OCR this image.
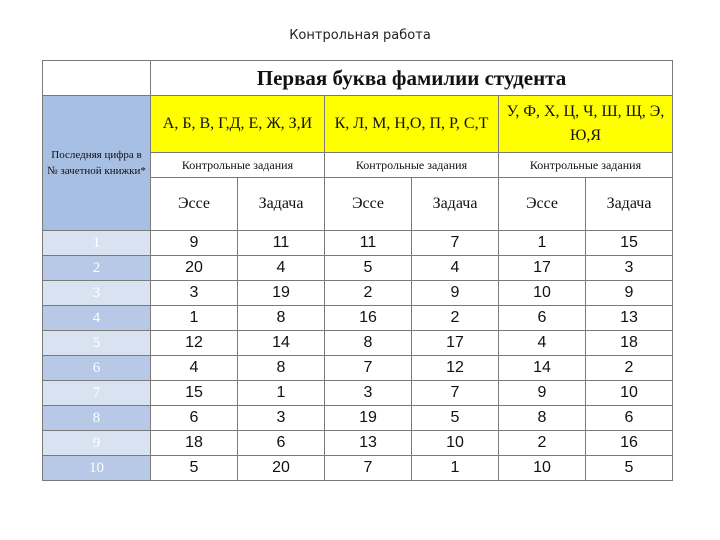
Контрольная работа
	Первая буква фамилии студента					
Последняя цифра в № зачетной книжки*	А, Б, В, Г,Д, Е, Ж, З,И		К, Л, М, Н,О, П, Р, С,Т		У, Ф, Х, Ц, Ч, Ш, Щ, Э, Ю,Я	
	Контрольные задания		Контрольные задания		Контрольные задания	
	Эссе	Задача	Эссе	Задача	Эссе	Задача
1	9	11	11	7	1	15
2	20	4	5	4	17	3
3	3	19	2	9	10	9
4	1	8	16	2	6	13
5	12	14	8	17	4	18
6	4	8	7	12	14	2
7	15	1	3	7	9	10
8	6	3	19	5	8	6
9	18	6	13	10	2	16
10	5	20	7	1	10	5
